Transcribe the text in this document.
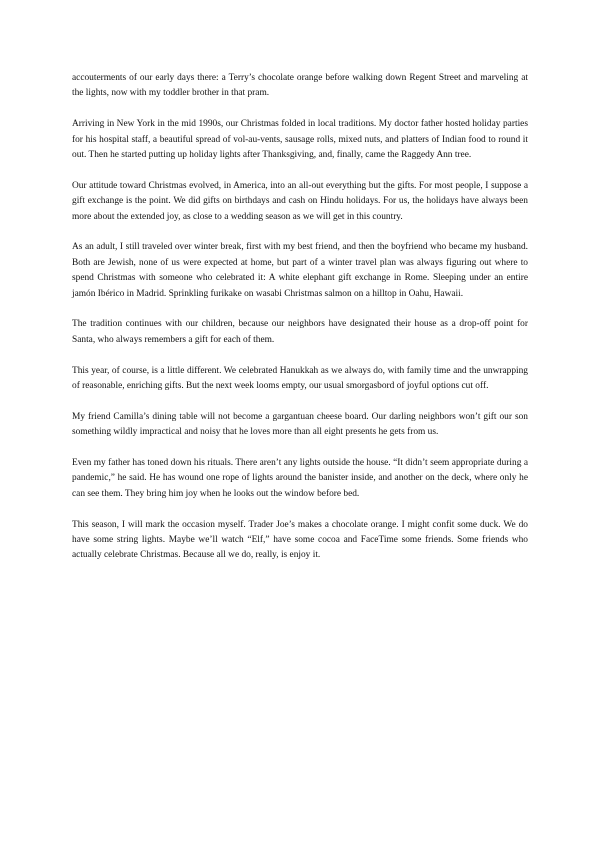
accouterments of our early days there: a Terry’s chocolate orange before walking down Regent Street and marveling at the lights, now with my toddler brother in that pram.

Arriving in New York in the mid 1990s, our Christmas folded in local traditions. My doctor father hosted holiday parties for his hospital staff, a beautiful spread of vol-au-vents, sausage rolls, mixed nuts, and platters of Indian food to round it out. Then he started putting up holiday lights after Thanksgiving, and, finally, came the Raggedy Ann tree.

Our attitude toward Christmas evolved, in America, into an all-out everything but the gifts. For most people, I suppose a gift exchange is the point. We did gifts on birthdays and cash on Hindu holidays. For us, the holidays have always been more about the extended joy, as close to a wedding season as we will get in this country.

As an adult, I still traveled over winter break, first with my best friend, and then the boyfriend who became my husband. Both are Jewish, none of us were expected at home, but part of a winter travel plan was always figuring out where to spend Christmas with someone who celebrated it: A white elephant gift exchange in Rome. Sleeping under an entire jamón Ibérico in Madrid. Sprinkling furikake on wasabi Christmas salmon on a hilltop in Oahu, Hawaii.

The tradition continues with our children, because our neighbors have designated their house as a drop-off point for Santa, who always remembers a gift for each of them.

This year, of course, is a little different. We celebrated Hanukkah as we always do, with family time and the unwrapping of reasonable, enriching gifts. But the next week looms empty, our usual smorgasbord of joyful options cut off.

My friend Camilla’s dining table will not become a gargantuan cheese board. Our darling neighbors won’t gift our son something wildly impractical and noisy that he loves more than all eight presents he gets from us.

Even my father has toned down his rituals. There aren’t any lights outside the house. “It didn’t seem appropriate during a pandemic,” he said. He has wound one rope of lights around the banister inside, and another on the deck, where only he can see them. They bring him joy when he looks out the window before bed.

This season, I will mark the occasion myself. Trader Joe’s makes a chocolate orange. I might confit some duck. We do have some string lights. Maybe we’ll watch “Elf,” have some cocoa and FaceTime some friends. Some friends who actually celebrate Christmas. Because all we do, really, is enjoy it.
